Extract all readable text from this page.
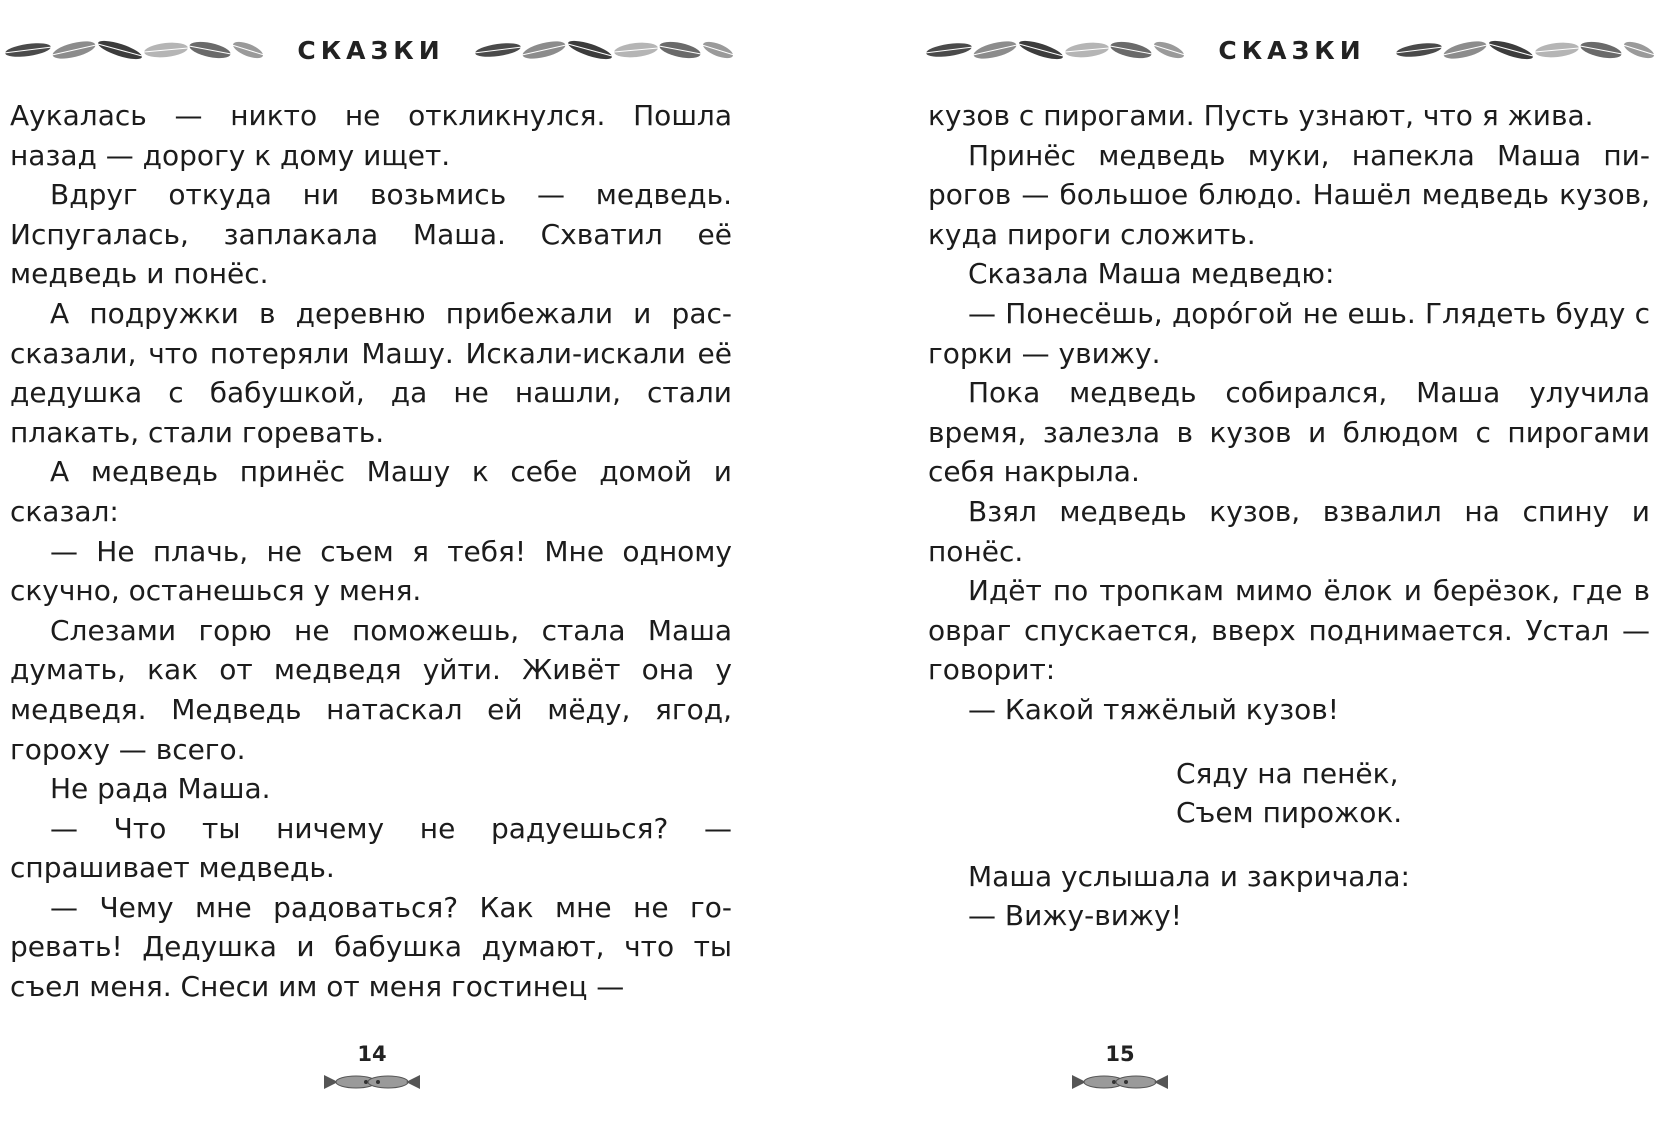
СКАЗКИ

Аукалась — никто не откликнулся. Пошла назад — дорогу к дому ищет.

Вдруг откуда ни возьмись — медведь. Испугалась, заплакала Маша. Схватил её медведь и понёс.

А подружки в деревню прибежали и рассказали, что потеряли Машу. Искали-искали её дедушка с бабушкой, да не нашли, стали плакать, стали горевать.

А медведь принёс Машу к себе домой и сказал:

— Не плачь, не съем я тебя! Мне одному скучно, останешься у меня.

Слезами горю не поможешь, стала Маша думать, как от медведя уйти. Живёт она у медведя. Медведь натаскал ей мёду, ягод, гороху — всего.

Не рада Маша.

— Что ты ничему не радуешься? — спрашивает медведь.

— Чему мне радоваться? Как мне не горевать! Дедушка и бабушка думают, что ты съел меня. Снеси им от меня гостинец —

14
СКАЗКИ

кузов с пирогами. Пусть узнают, что я жива.

Принёс медведь муки, напекла Маша пирогов — большое блюдо. Нашёл медведь кузов, куда пироги сложить.

Сказала Маша медведю:

— Понесёшь, доро́гой не ешь. Глядеть буду с горки — увижу.

Пока медведь собирался, Маша улучила время, залезла в кузов и блюдом с пирогами себя накрыла.

Взял медведь кузов, взвалил на спину и понёс.

Идёт по тропкам мимо ёлок и берёзок, где в овраг спускается, вверх поднимается. Устал — говорит:

— Какой тяжёлый кузов!

Сяду на пенёк,
Съем пирожок.

Маша услышала и закричала:

— Вижу-вижу!

15
